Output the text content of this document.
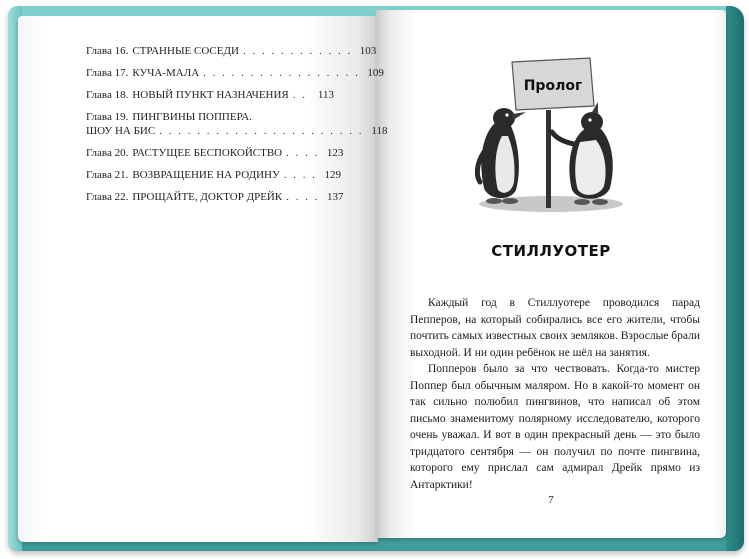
Глава 16. СТРАННЫЕ СОСЕДИ . . . . . . . . . . . . 103
Глава 17. КУЧА-МАЛА . . . . . . . . . . . . . . . . . 109
Глава 18. НОВЫЙ ПУНКТ НАЗНАЧЕНИЯ . . 113
Глава 19. ПИНГВИНЫ ПОППЕРА.
ШОУ НА БИС . . . . . . . . . . . . . . . . . . . . . . 118
Глава 20. РАСТУЩЕЕ БЕСПОКОЙСТВО . . . . 123
Глава 21. ВОЗВРАЩЕНИЕ НА РОДИНУ . . . . 129
Глава 22. ПРОЩАЙТЕ, ДОКТОР ДРЕЙК . . . . 137
Пролог
СТИЛЛУОТЕР

Каждый год в Стиллуотере проводился парад Пепперов, на который собирались все его жители, чтобы почтить самых известных своих земляков. Взрослые брали выходной. И ни один ребёнок не шёл на занятия.

Попперов было за что чествовать. Когда-то мистер Поппер был обычным маляром. Но в какой-то момент он так сильно полюбил пингвинов, что написал об этом письмо знаменитому полярному исследователю, которого очень уважал. И вот в один прекрасный день — это было тридцатого сентября — он получил по почте пингвина, которого ему прислал сам адмирал Дрейк прямо из Антарктики!

7
